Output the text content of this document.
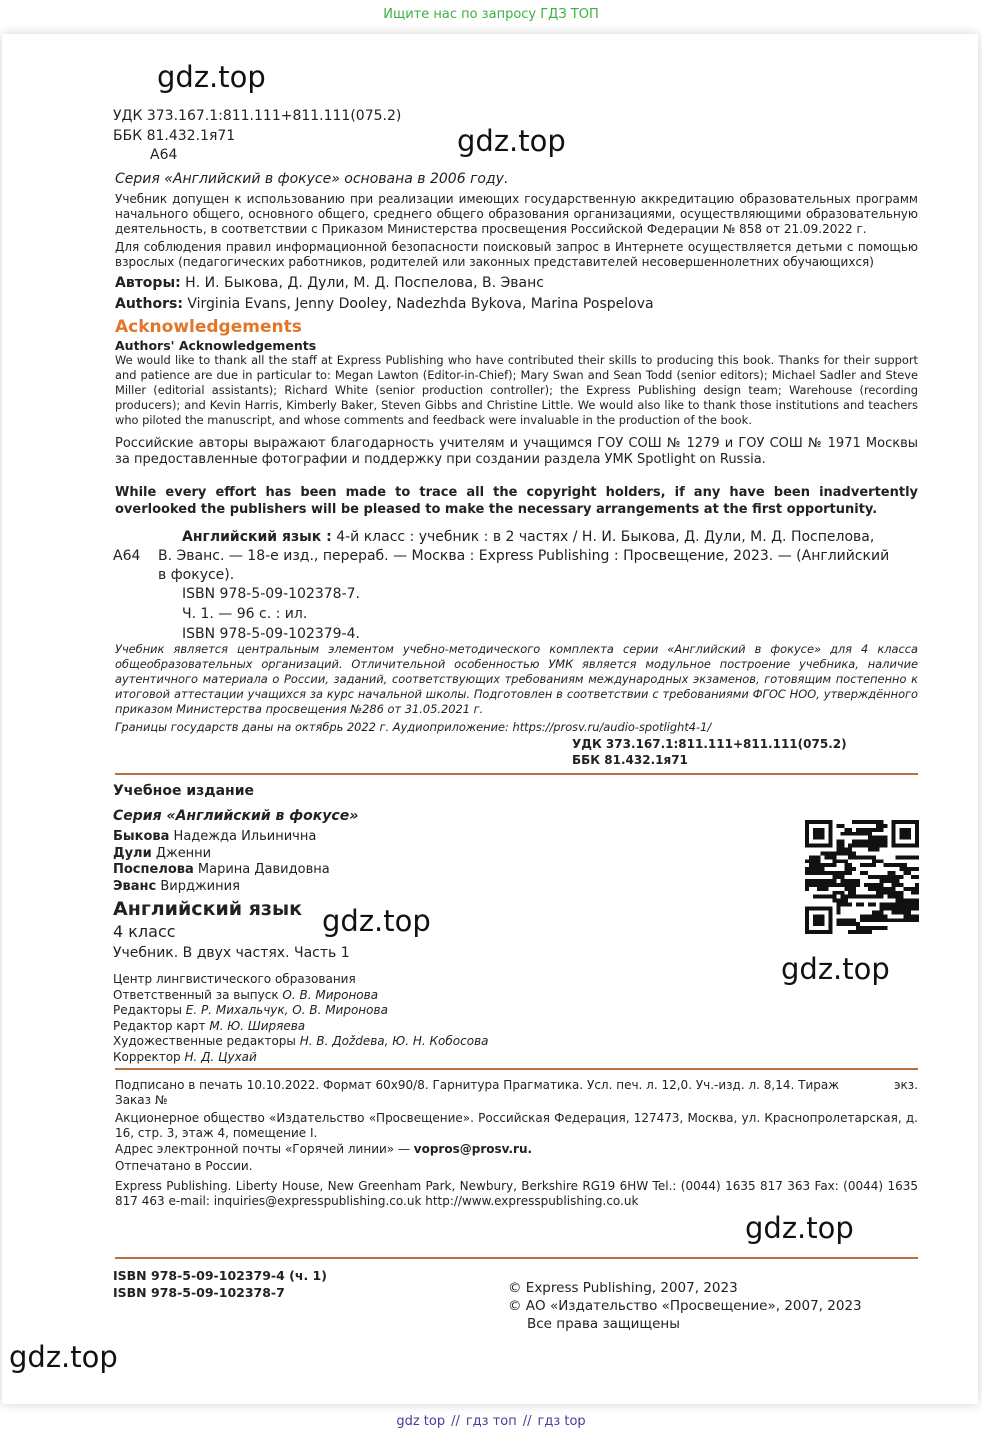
Ищите нас по запросу ГДЗ ТОП
gdz.top
gdz.top
gdz.top
gdz.top
gdz.top
gdz.top
УДК 373.167.1:811.111+811.111(075.2)
ББК 81.432.1я71
А64
Серия «Английский в фокусе» основана в 2006 году.
Учебник допущен к использованию при реализации имеющих государственную аккредитацию образовательных программ начального общего, основного общего, среднего общего образования организациями, осуществляющими образовательную деятельность, в соответствии с Приказом Министерства просвещения Российской Федерации № 858 от 21.09.2022 г.
Для соблюдения правил информационной безопасности поисковый запрос в Интернете осуществляется детьми с помощью взрослых (педагогических работников, родителей или законных представителей несовершеннолетних обучающихся)
Авторы: Н. И. Быкова, Д. Дули, М. Д. Поспелова, В. Эванс
Authors: Virginia Evans, Jenny Dooley, Nadezhda Bykova, Marina Pospelova
Acknowledgements
Authors' Acknowledgements
We would like to thank all the staff at Express Publishing who have contributed their skills to producing this book. Thanks for their support and patience are due in particular to: Megan Lawton (Editor-in-Chief); Mary Swan and Sean Todd (senior editors); Michael Sadler and Steve Miller (editorial assistants); Richard White (senior production controller); the Express Publishing design team; Warehouse (recording producers); and Kevin Harris, Kimberly Baker, Steven Gibbs and Christine Little. We would also like to thank those institutions and teachers who piloted the manuscript, and whose comments and feedback were invaluable in the production of the book.
Российские авторы выражают благодарность учителям и учащимся ГОУ СОШ № 1279 и ГОУ СОШ № 1971 Москвы за предоставленные фотографии и поддержку при создании раздела УМК Spotlight on Russia.
While every effort has been made to trace all the copyright holders, if any have been inadvertently overlooked the publishers will be pleased to make the necessary arrangements at the first opportunity.
Английский язык : 4-й класс : учебник : в 2 частях / Н. И. Быкова, Д. Дули, М. Д. Поспелова,
А64 В. Эванс. — 18-е изд., перераб. — Москва : Express Publishing : Просвещение, 2023. — (Английский
в фокусе).
ISBN 978-5-09-102378-7.
Ч. 1. — 96 с. : ил.
ISBN 978-5-09-102379-4.
Учебник является центральным элементом учебно-методического комплекта серии «Английский в фокусе» для 4 класса общеобразовательных организаций. Отличительной особенностью УМК является модульное построение учебника, наличие аутентичного материала о России, заданий, соответствующих требованиям международных экзаменов, готовящим постепенно к итоговой аттестации учащихся за курс начальной школы. Подготовлен в соответствии с требованиями ФГОС НОО, утверждённого приказом Министерства просвещения №286 от 31.05.2021 г.
Границы государств даны на октябрь 2022 г. Аудиоприложение: https://prosv.ru/audio-spotlight4-1/
УДК 373.167.1:811.111+811.111(075.2)
ББК 81.432.1я71
Учебное издание
Серия «Английский в фокусе»
Быкова Надежда Ильинична
Дули Дженни
Поспелова Марина Давидовна
Эванс Вирджиния
Английский язык
4 класс
Учебник. В двух частях. Часть 1
Центр лингвистического образования
Ответственный за выпуск О. В. Миронова
Редакторы Е. Р. Михальчук, О. В. Миронова
Редактор карт М. Ю. Ширяева
Художественные редакторы Н. В. Доždева, Ю. Н. Кобосова
Корректор Н. Д. Цухай
Подписано в печать 10.10.2022. Формат 60x90/8. Гарнитура Прагматика. Усл. печ. л. 12,0. Уч.-изд. л. 8,14. Тираж	экз.
Заказ №
Акционерное общество «Издательство «Просвещение». Российская Федерация, 127473, Москва, ул. Краснопролетарская, д. 16, стр. 3, этаж 4, помещение I.
Адрес электронной почты «Горячей линии» — vopros@prosv.ru.
Отпечатано в России.
Express Publishing. Liberty House, New Greenham Park, Newbury, Berkshire RG19 6HW Tel.: (0044) 1635 817 363 Fax: (0044) 1635 817 463 e-mail: inquiries@expresspublishing.co.uk http://www.expresspublishing.co.uk
ISBN 978-5-09-102379-4 (ч. 1)
ISBN 978-5-09-102378-7	© Express Publishing, 2007, 2023
© АО «Издательство «Просвещение», 2007, 2023
Все права защищены
gdz top // гдз топ // гдз top
